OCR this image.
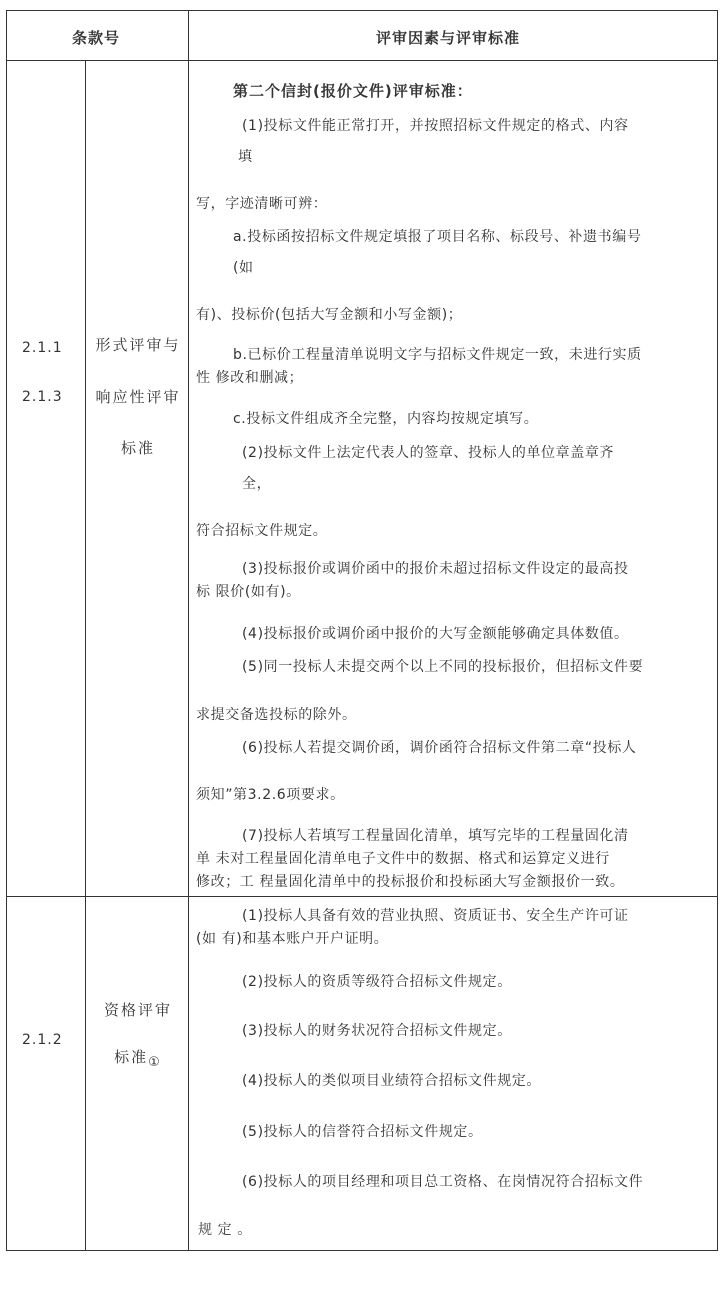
条款号	评审因素与评审标准
2.1.1
2.1.3
形式评审与
响应性评审
标准
第二个信封(报价文件)评审标准：
(1)投标文件能正常打开，并按照招标文件规定的格式、内容
填
写，字迹清晰可辨：
a.投标函按招标文件规定填报了项目名称、标段号、补遗书编号
(如
有)、投标价(包括大写金额和小写金额)；
b.已标价工程量清单说明文字与招标文件规定一致，未进行实质
性 修改和删减；
c.投标文件组成齐全完整，内容均按规定填写。
(2)投标文件上法定代表人的签章、投标人的单位章盖章齐
全，
符合招标文件规定。
(3)投标报价或调价函中的报价未超过招标文件设定的最高投
标 限价(如有)。
(4)投标报价或调价函中报价的大写金额能够确定具体数值。
(5)同一投标人未提交两个以上不同的投标报价，但招标文件要
求提交备选投标的除外。
(6)投标人若提交调价函，调价函符合招标文件第二章“投标人
须知”第3.2.6项要求。
(7)投标人若填写工程量固化清单，填写完毕的工程量固化清
单 未对工程量固化清单电子文件中的数据、格式和运算定义进行
修改；工 程量固化清单中的投标报价和投标函大写金额报价一致。
2.1.2
资格评审
标准①
(1)投标人具备有效的营业执照、资质证书、安全生产许可证
(如 有)和基本账户开户证明。
(2)投标人的资质等级符合招标文件规定。
(3)投标人的财务状况符合招标文件规定。
(4)投标人的类似项目业绩符合招标文件规定。
(5)投标人的信誉符合招标文件规定。
(6)投标人的项目经理和项目总工资格、在岗情况符合招标文件
规 定 。
